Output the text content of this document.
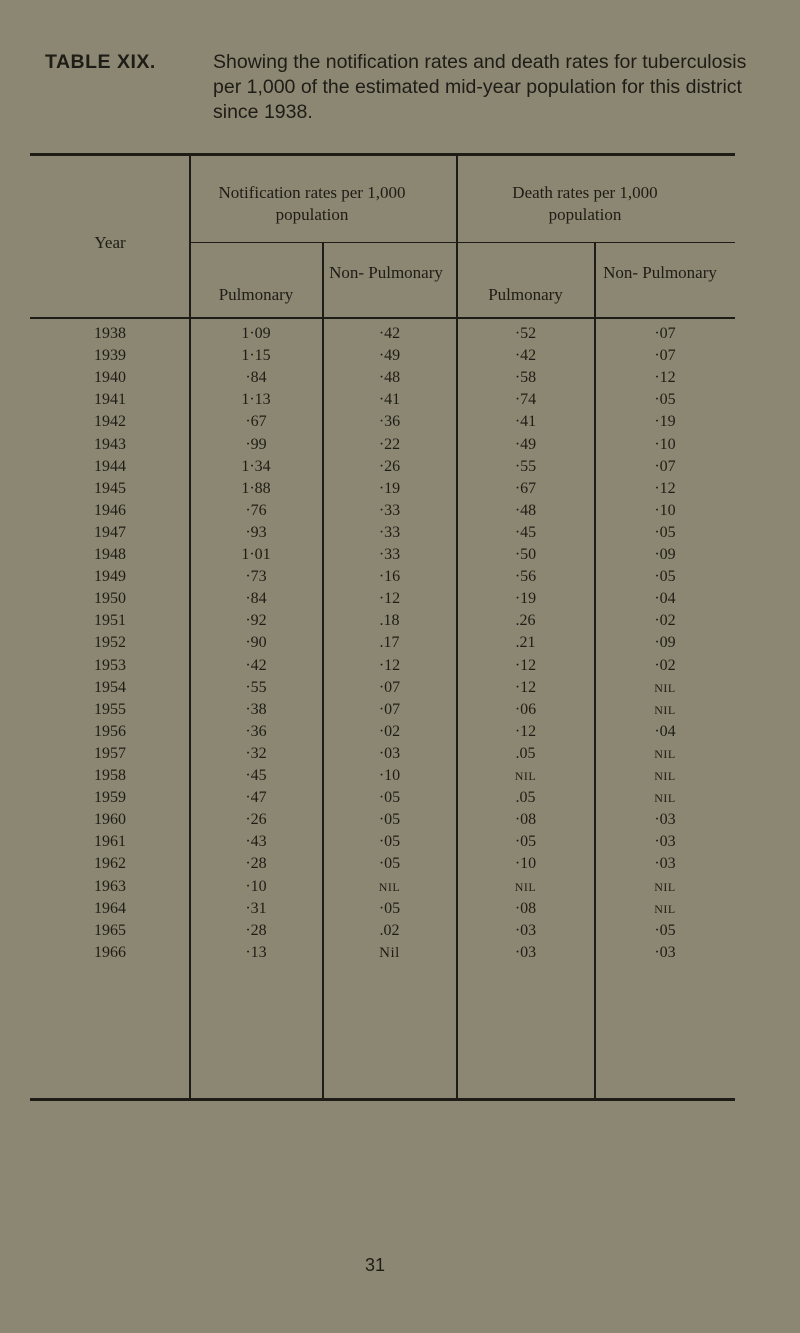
TABLE XIX.	Showing the notification rates and death rates for tuberculosis per 1,000 of the estimated mid-year population for this district since 1938.
Year
Notification rates per 1,000 population
Death rates per 1,000 population
Pulmonary
Non- Pulmonary
Pulmonary
Non- Pulmonary
1938	1·09	·42	·52	·07
1939	1·15	·49	·42	·07
1940	·84	·48	·58	·12
1941	1·13	·41	·74	·05
1942	·67	·36	·41	·19
1943	·99	·22	·49	·10
1944	1·34	·26	·55	·07
1945	1·88	·19	·67	·12
1946	·76	·33	·48	·10
1947	·93	·33	·45	·05
1948	1·01	·33	·50	·09
1949	·73	·16	·56	·05
1950	·84	·12	·19	·04
1951	·92	.18	.26	·02
1952	·90	.17	.21	·09
1953	·42	·12	·12	·02
1954	·55	·07	·12	NIL
1955	·38	·07	·06	NIL
1956	·36	·02	·12	·04
1957	·32	·03	.05	NIL
1958	·45	·10	NIL	NIL
1959	·47	·05	.05	NIL
1960	·26	·05	·08	·03
1961	·43	·05	·05	·03
1962	·28	·05	·10	·03
1963	·10	NIL	NIL	NIL
1964	·31	·05	·08	NIL
1965	·28	.02	·03	·05
1966	·13	Nil	·03	·03
31
